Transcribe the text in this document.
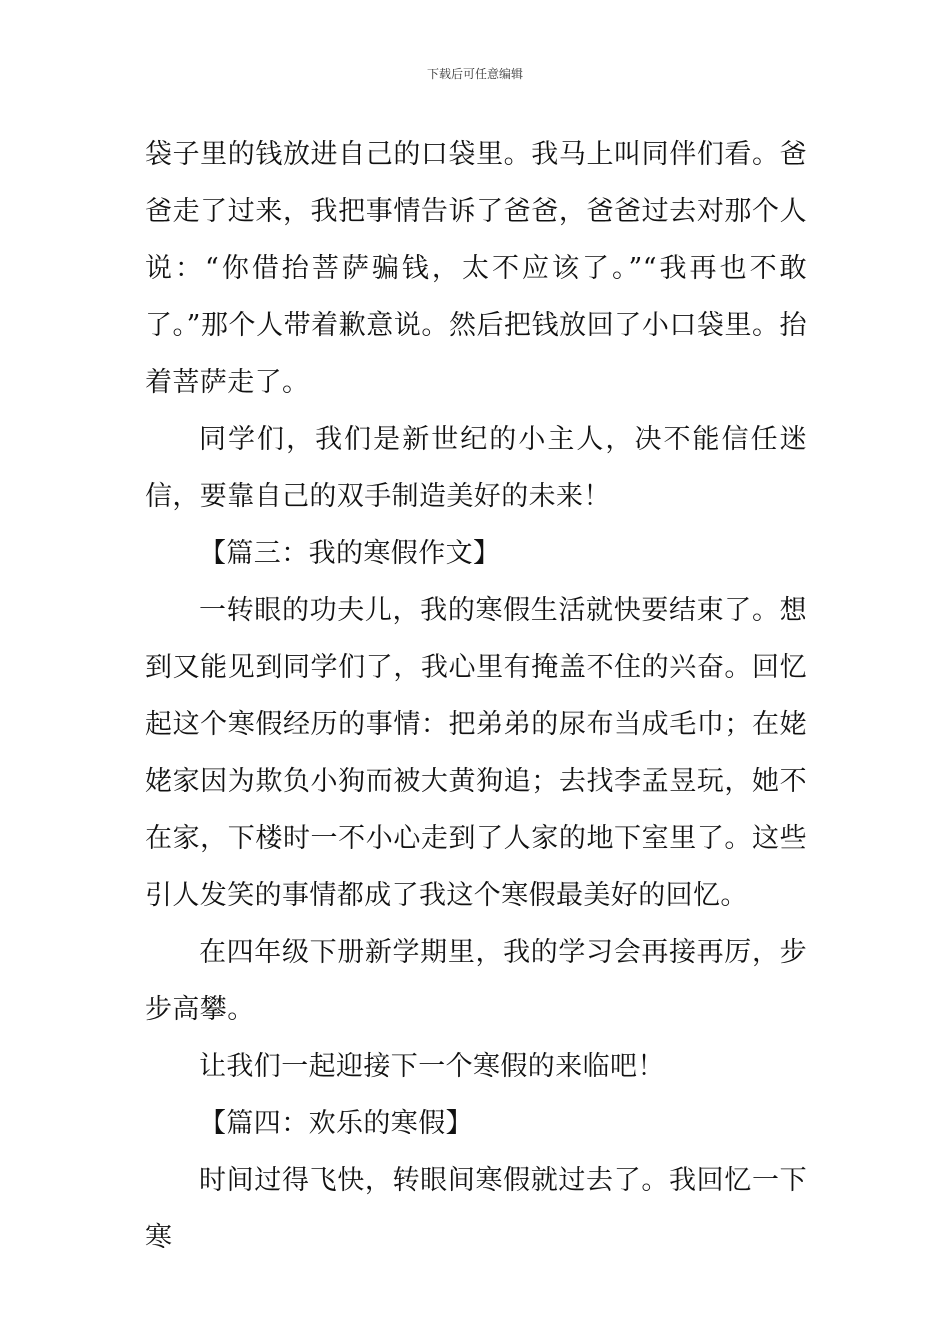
下载后可任意编辑

袋子里的钱放进自己的口袋里。我马上叫同伴们看。爸爸走了过来，我把事情告诉了爸爸，爸爸过去对那个人说：“你借抬菩萨骗钱，太不应该了。”“我再也不敢了。”那个人带着歉意说。然后把钱放回了小口袋里。抬着菩萨走了。

同学们，我们是新世纪的小主人，决不能信任迷信，要靠自己的双手制造美好的未来！

【篇三：我的寒假作文】

一转眼的功夫儿，我的寒假生活就快要结束了。想到又能见到同学们了，我心里有掩盖不住的兴奋。回忆起这个寒假经历的事情：把弟弟的尿布当成毛巾；在姥姥家因为欺负小狗而被大黄狗追；去找李孟昱玩，她不在家，下楼时一不小心走到了人家的地下室里了。这些引人发笑的事情都成了我这个寒假最美好的回忆。

在四年级下册新学期里，我的学习会再接再厉，步步高攀。

让我们一起迎接下一个寒假的来临吧！

【篇四：欢乐的寒假】

时间过得飞快，转眼间寒假就过去了。我回忆一下寒
